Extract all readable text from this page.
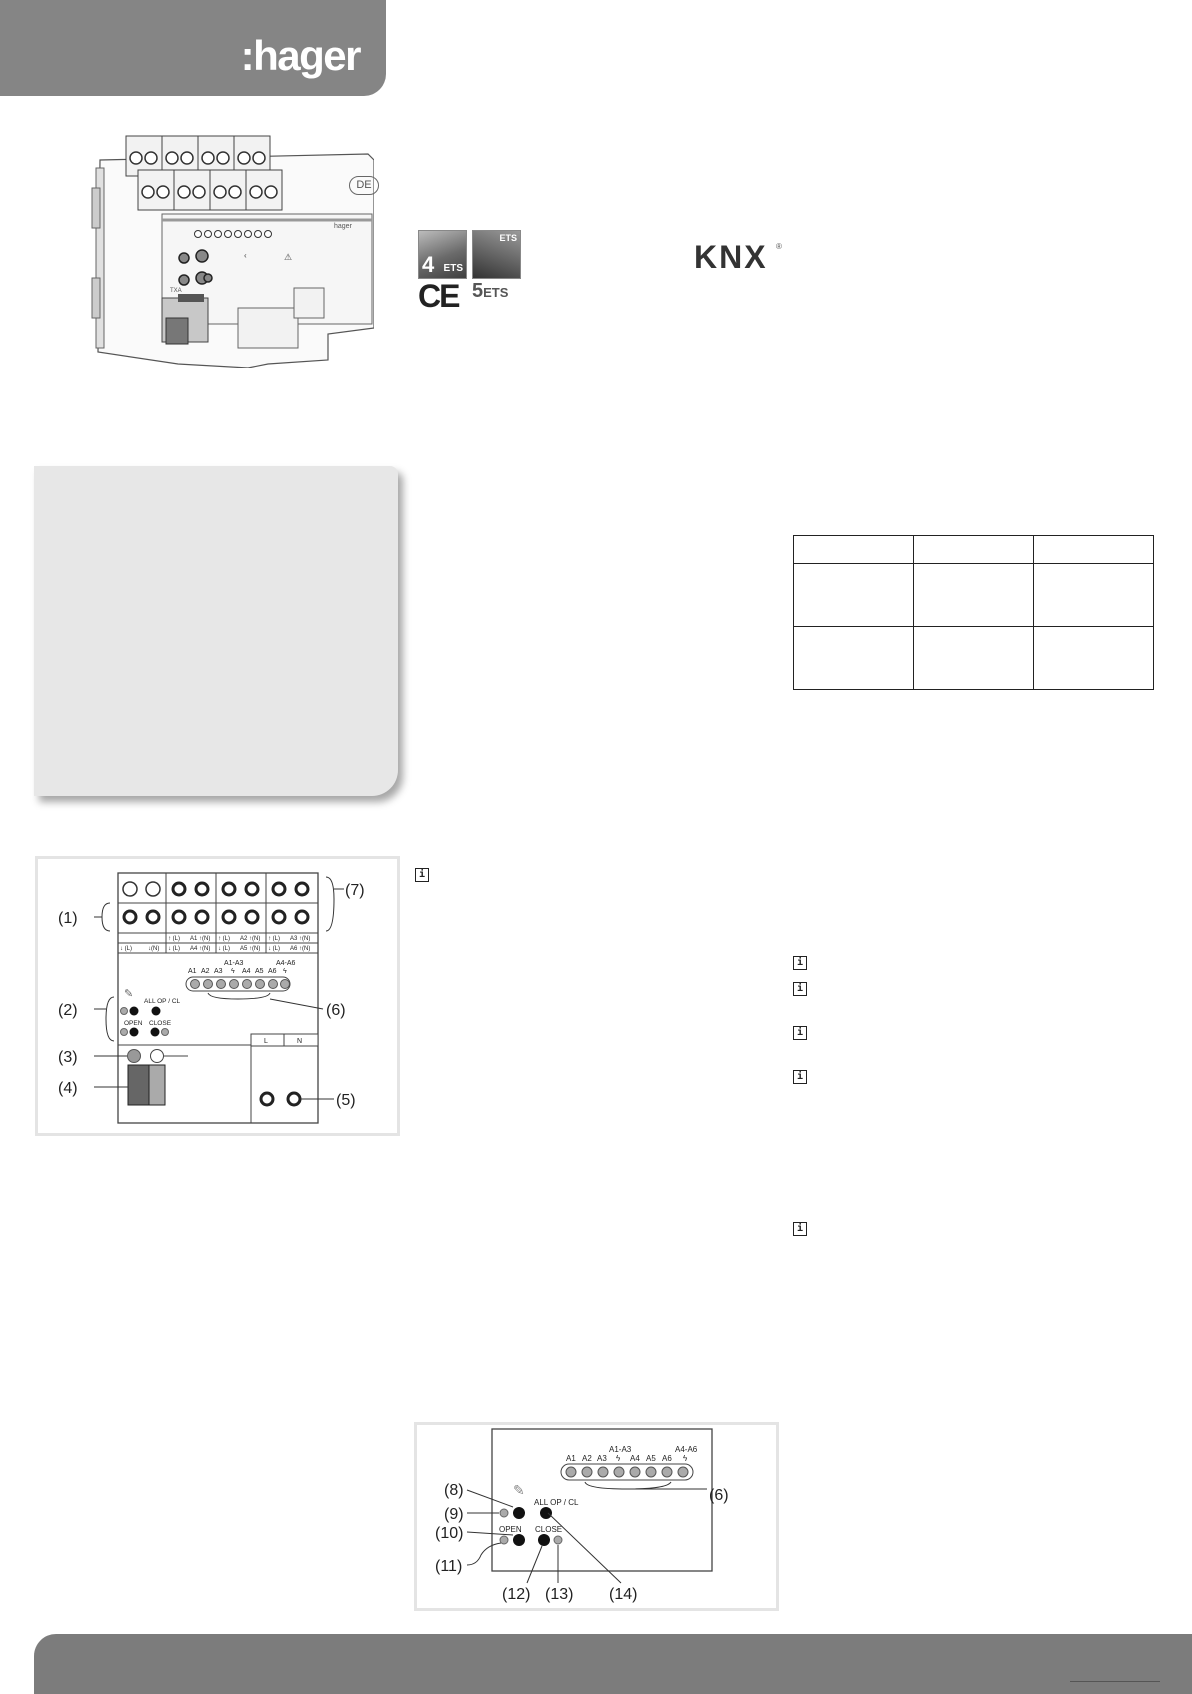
:hager
hager
‹	⚠
TXA
DE
4 ETS
ETS
CE 5ETS
KNX ®

i
i
i
i
i
i
↑ (L) A1 ↑(N) ↑ (L) A2 ↑(N) ↑ (L) A3 ↑(N)
↓ (L)	↓(N) ↓ (L) A4 ↑(N) ↓ (L) A5 ↑(N) ↓ (L) A6 ↑(N)
A1 A2 A3
A1-A3
ϟ A4 A5 A6
A4-A6
ϟ
✎
ALL OP / CL
OPEN CLOSE
L	N
(1)
(2)
(3)
(4)
(5)
(6)
(7)
A1 A2 A3
A1-A3
ϟ A4 A5 A6
A4-A6
ϟ
✎
ALL OP / CL
OPEN CLOSE
(8)
(9)
(10)
(11)
(12) (13) (14)
(6)
